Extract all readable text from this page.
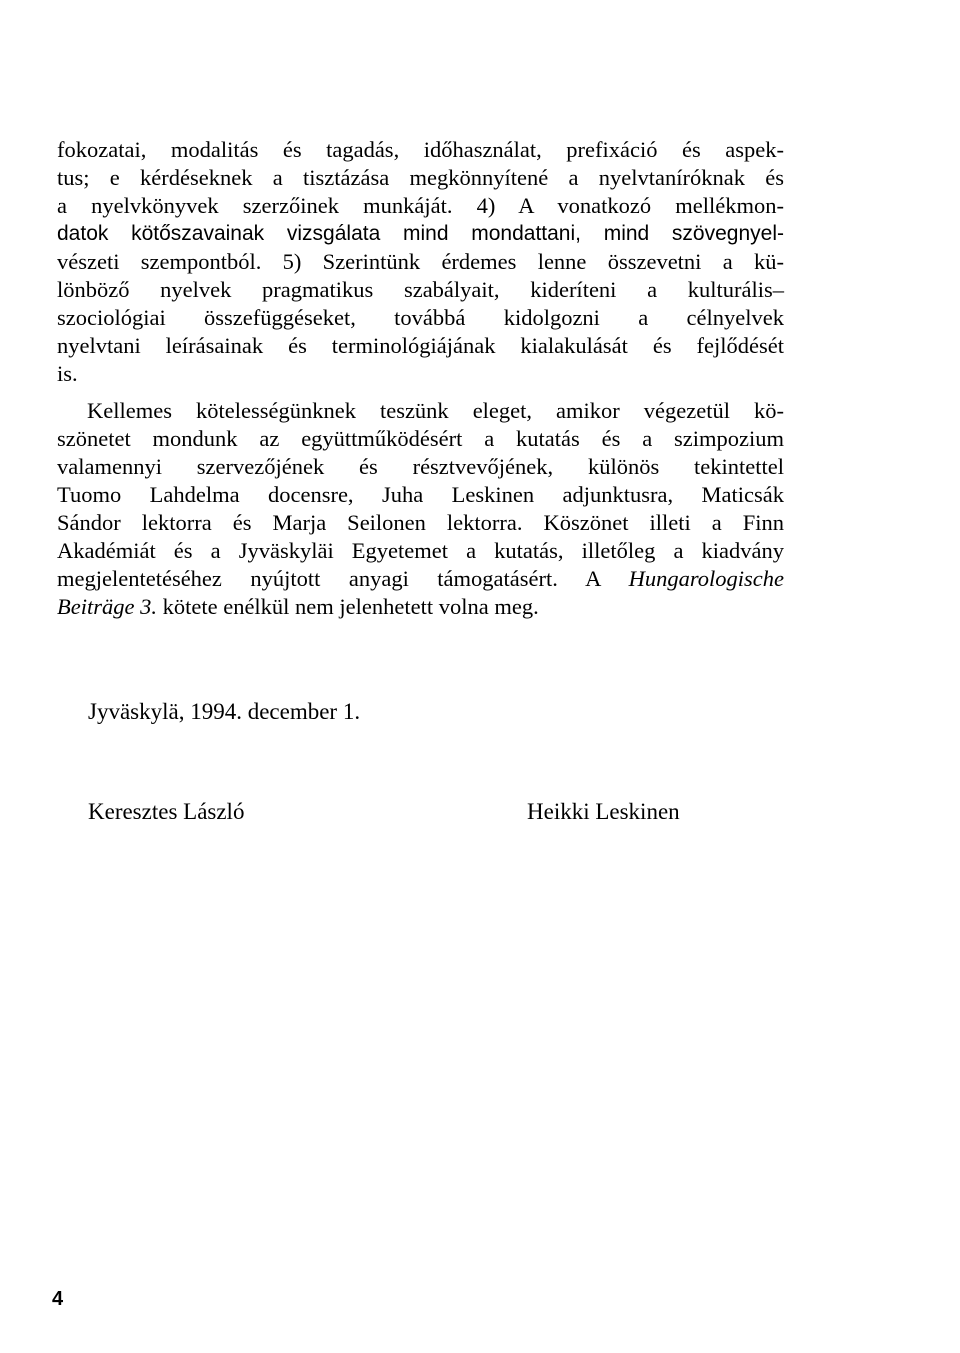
fokozatai, modalitás és tagadás, időhasználat, prefixáció és aspek-
tus; e kérdéseknek a tisztázása megkönnyítené a nyelvtaníróknak és
a nyelvkönyvek szerzőinek munkáját. 4) A vonatkozó mellékmon-
datok kötőszavainak vizsgálata mind mondattani, mind szövegnyel-
vészeti szempontból. 5) Szerintünk érdemes lenne összevetni a kü-
lönböző nyelvek pragmatikus szabályait, kideríteni a kulturális–
szociológiai összefüggéseket, továbbá kidolgozni a célnyelvek
nyelvtani leírásainak és terminológiájának kialakulását és fejlődését
is.
Kellemes kötelességünknek teszünk eleget, amikor végezetül kö-
szönetet mondunk az együttműködésért a kutatás és a szimpozium
valamennyi szervezőjének és résztvevőjének, különös tekintettel
Tuomo Lahdelma docensre, Juha Leskinen adjunktusra, Maticsák
Sándor lektorra és Marja Seilonen lektorra. Köszönet illeti a Finn
Akadémiát és a Jyväskyläi Egyetemet a kutatás, illetőleg a kiadvány
megjelentetéséhez nyújtott anyagi támogatásért. A Hungarologische
Beiträge 3. kötete enélkül nem jelenhetett volna meg.
Jyväskylä, 1994. december 1.
Keresztes László	Heikki Leskinen
4
